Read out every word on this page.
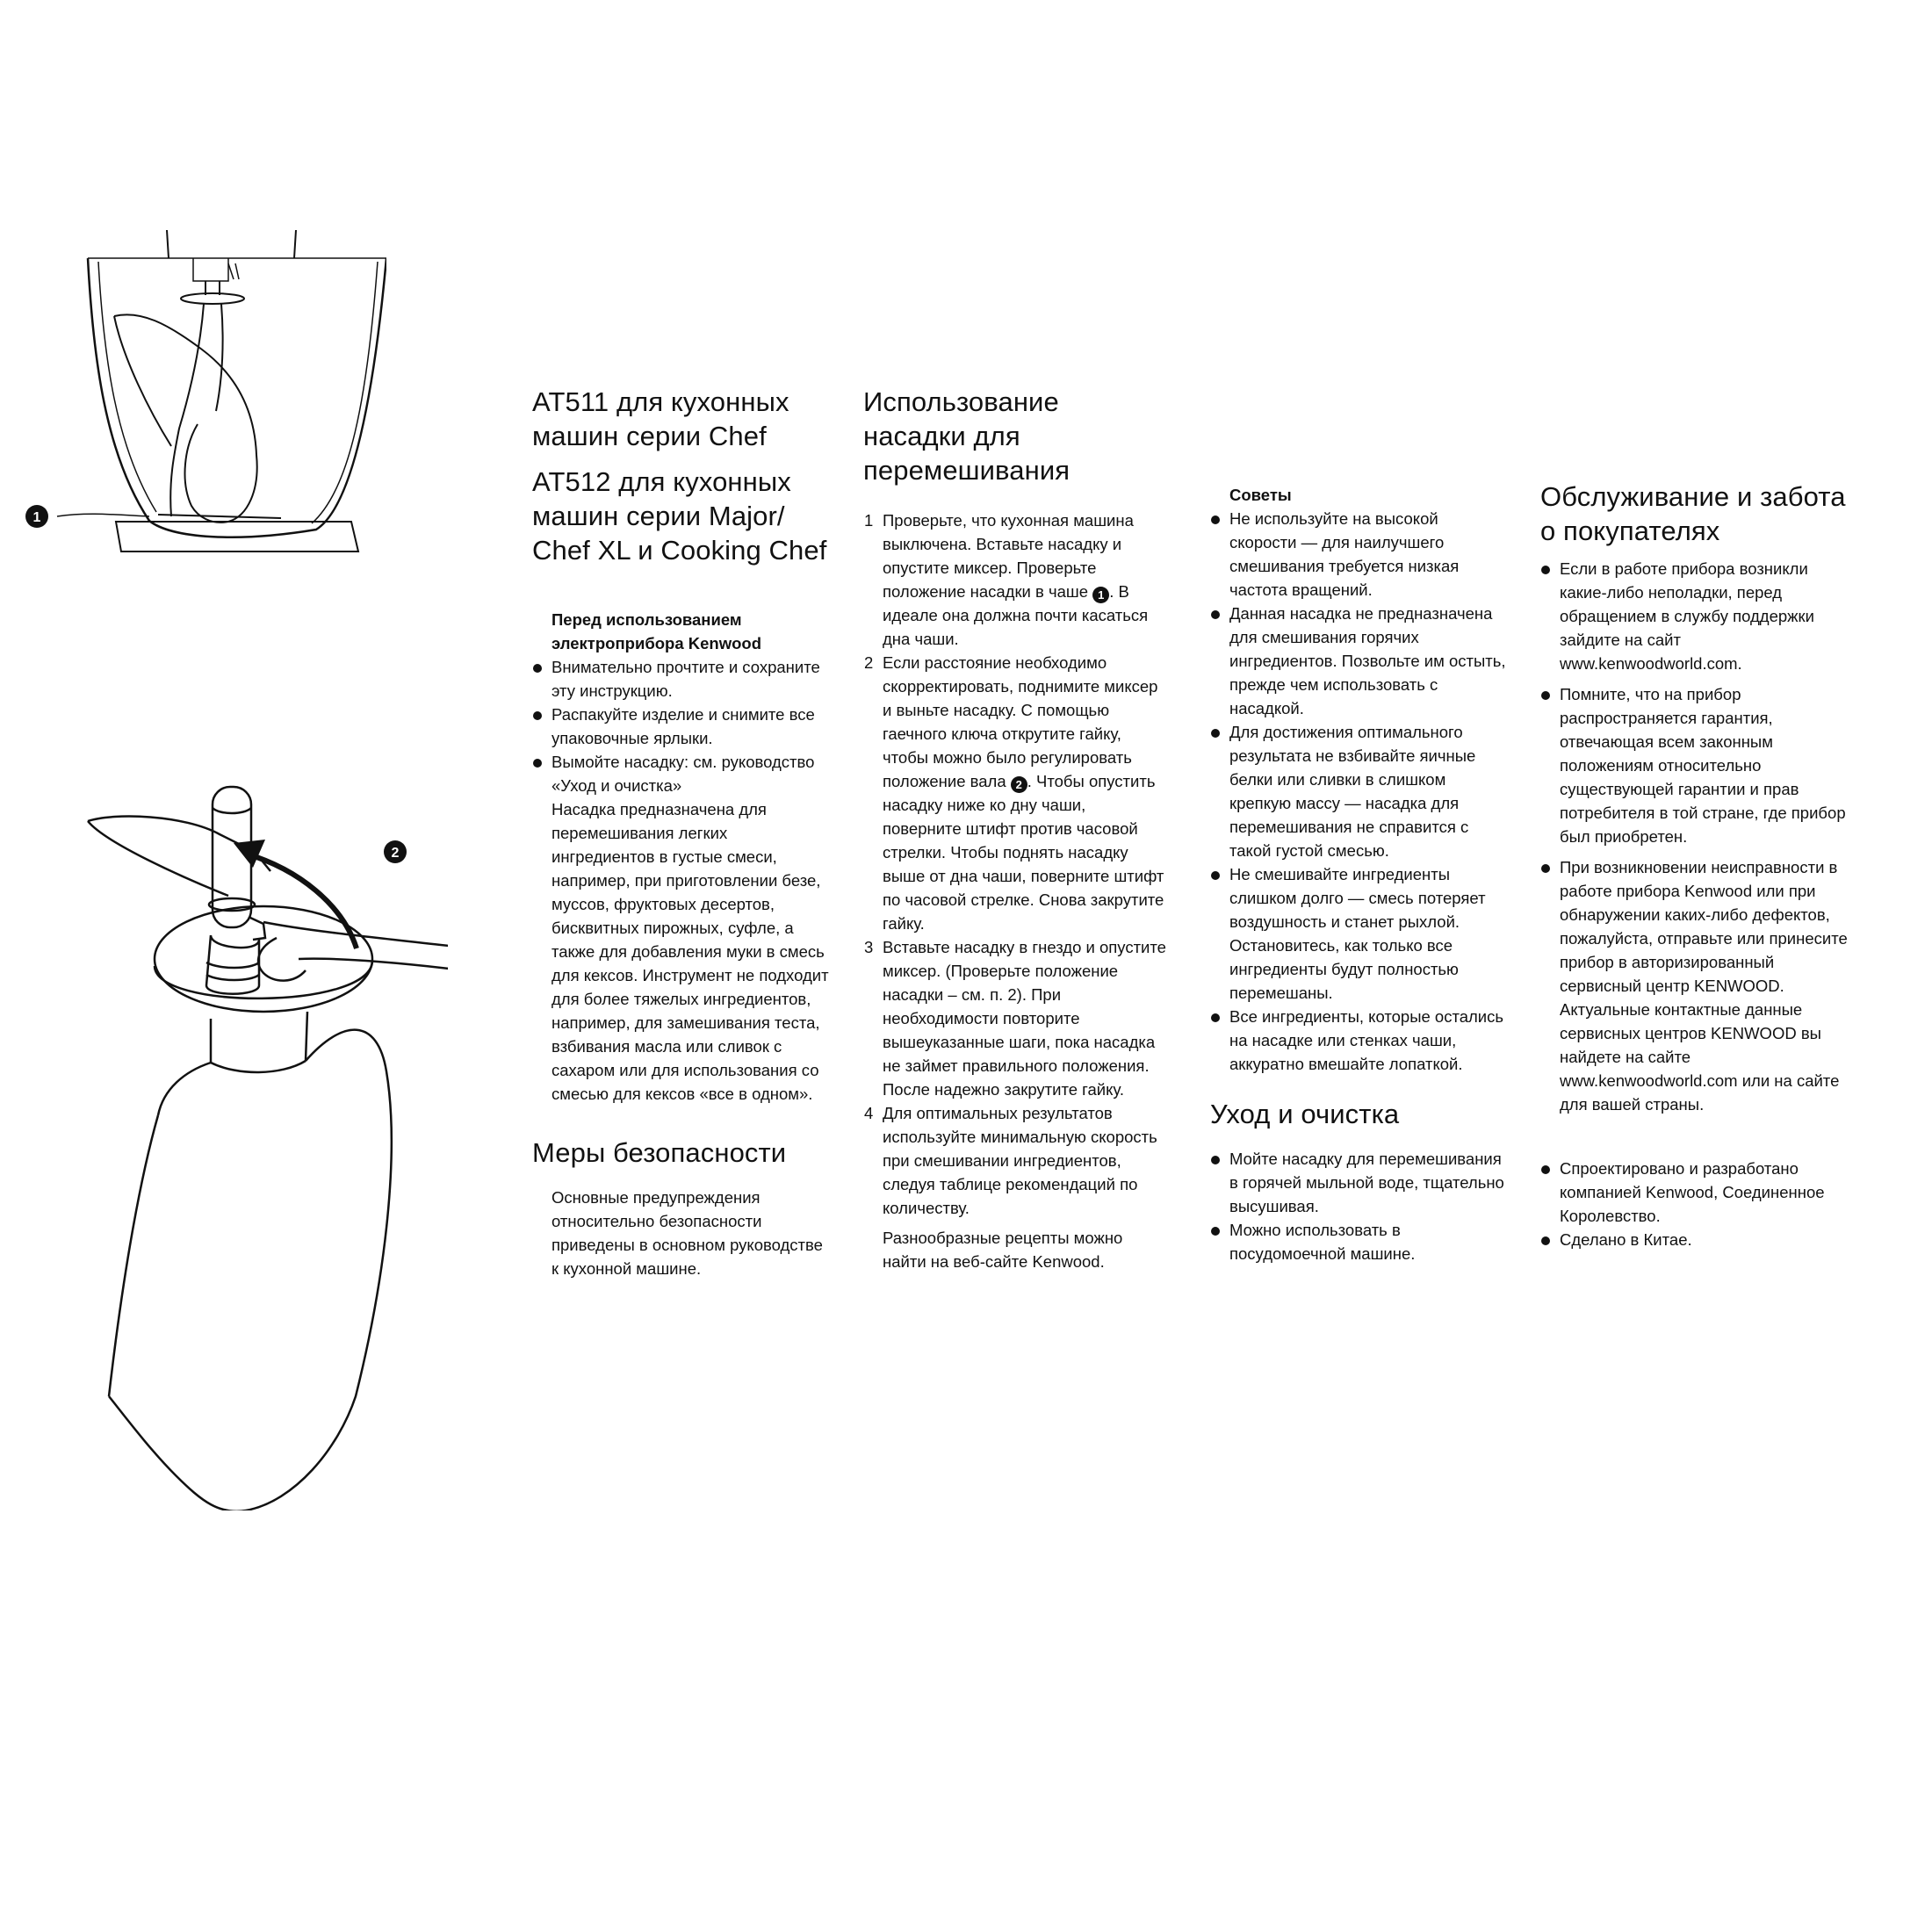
1
2
AT511 для кухонных машин серии Chef
AT512 для кухонных машин серии Major/ Chef XL и Cooking Chef
Перед использованием электроприбора Kenwood
Внимательно прочтите и сохраните эту инструкцию.
Распакуйте изделие и снимите все упаковочные ярлыки.
Вымойте насадку: см. руководство «Уход и очистка»

Насадка предназначена для перемешивания легких ингредиентов в густые смеси, например, при приготовлении безе, муссов, фруктовых десертов, бисквитных пирожных, суфле, а также для добавления муки в смесь для кексов. Инструмент не подходит для более тяжелых ингредиентов, например, для замешивания теста, взбивания масла или сливок с сахаром или для использования со смесью для кексов «все в одном».

Меры безопасности

Основные предупреждения относительно безопасности приведены в основном руководстве к кухонной машине.

Использование насадки для перемешивания
1 Проверьте, что кухонная машина выключена. Вставьте насадку и опустите миксер. Проверьте положение насадки в чаше 1 . В идеале она должна почти касаться дна чаши.
2 Если расстояние необходимо скорректировать, поднимите миксер и выньте насадку. С помощью гаечного ключа открутите гайку, чтобы можно было регулировать положение вала 2 . Чтобы опустить насадку ниже ко дну чаши, поверните штифт против часовой стрелки. Чтобы поднять насадку выше от дна чаши, поверните штифт по часовой стрелке. Снова закрутите гайку.
3 Вставьте насадку в гнездо и опустите миксер. (Проверьте положение насадки – см. п. 2). При необходимости повторите вышеуказанные шаги, пока насадка не займет правильного положения. После надежно закрутите гайку.
4 Для оптимальных результатов используйте минимальную скорость при смешивании ингредиентов, следуя таблице рекомендаций по количеству.

Разнообразные рецепты можно найти на веб-сайте Kenwood.

Советы
Не используйте на высокой скорости — для наилучшего смешивания требуется низкая частота вращений.
Данная насадка не предназначена для смешивания горячих ингредиентов. Позвольте им остыть, прежде чем использовать с насадкой.
Для достижения оптимального результата не взбивайте яичные белки или сливки в слишком крепкую массу — насадка для перемешивания не справится с такой густой смесью.
Не смешивайте ингредиенты слишком долго — смесь потеряет воздушность и станет рыхлой. Остановитесь, как только все ингредиенты будут полностью перемешаны.
Все ингредиенты, которые остались на насадке или стенках чаши, аккуратно вмешайте лопаткой.
Уход и очистка
Мойте насадку для перемешивания в горячей мыльной воде, тщательно высушивая.
Можно использовать в посудомоечной машине.
Обслуживание и забота о покупателях
Если в работе прибора возникли какие-либо неполадки, перед обращением в службу поддержки зайдите на сайт www.kenwoodworld.com.
Помните, что на прибор распространяется гарантия, отвечающая всем законным положениям относительно существующей гарантии и прав потребителя в той стране, где прибор был приобретен.
При возникновении неисправности в работе прибора Kenwood или при обнаружении каких-либо дефектов, пожалуйста, отправьте или принесите прибор в авторизированный сервисный центр KENWOOD. Актуальные контактные данные сервисных центров KENWOOD вы найдете на сайте www.kenwoodworld.com или на сайте для вашей страны.
Спроектировано и разработано компанией Kenwood, Соединенное Королевство.
Сделано в Китае.
